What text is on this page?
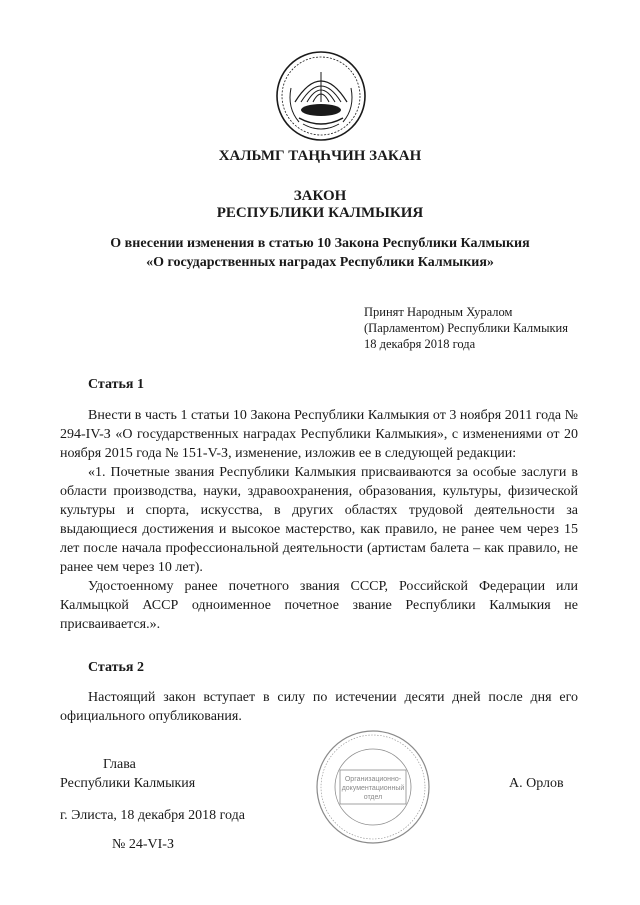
ХАЛЬМГ ТАҢҺЧИН ЗАКАН
ЗАКОН
РЕСПУБЛИКИ КАЛМЫКИЯ
О внесении изменения в статью 10 Закона Республики Калмыкия
«О государственных наградах Республики Калмыкия»
Принят Народным Хуралом
(Парламентом) Республики Калмыкия
18 декабря 2018 года
Статья 1

Внести в часть 1 статьи 10 Закона Республики Калмыкия от 3 ноября 2011 года № 294-IV-З «О государственных наградах Республики Калмыкия», с изменениями от 20 ноября 2015 года № 151-V-З, изменение, изложив ее в следующей редакции:

«1. Почетные звания Республики Калмыкия присваиваются за особые заслуги в области производства, науки, здравоохранения, образования, культуры, физической культуры и спорта, искусства, в других областях трудовой деятельности за выдающиеся достижения и высокое мастерство, как правило, не ранее чем через 15 лет после начала профессиональной деятельности (артистам балета – как правило, не ранее чем через 10 лет).

Удостоенному ранее почетного звания СССР, Российской Федерации или Калмыцкой АССР одноименное почетное звание Республики Калмыкия не присваивается.».

Статья 2

Настоящий закон вступает в силу по истечении десяти дней после дня его официального опубликования.

Глава
Республики Калмыкия	А. Орлов
г. Элиста, 18 декабря 2018 года
№ 24-VI-З
Организационно-
документационный
отдел
